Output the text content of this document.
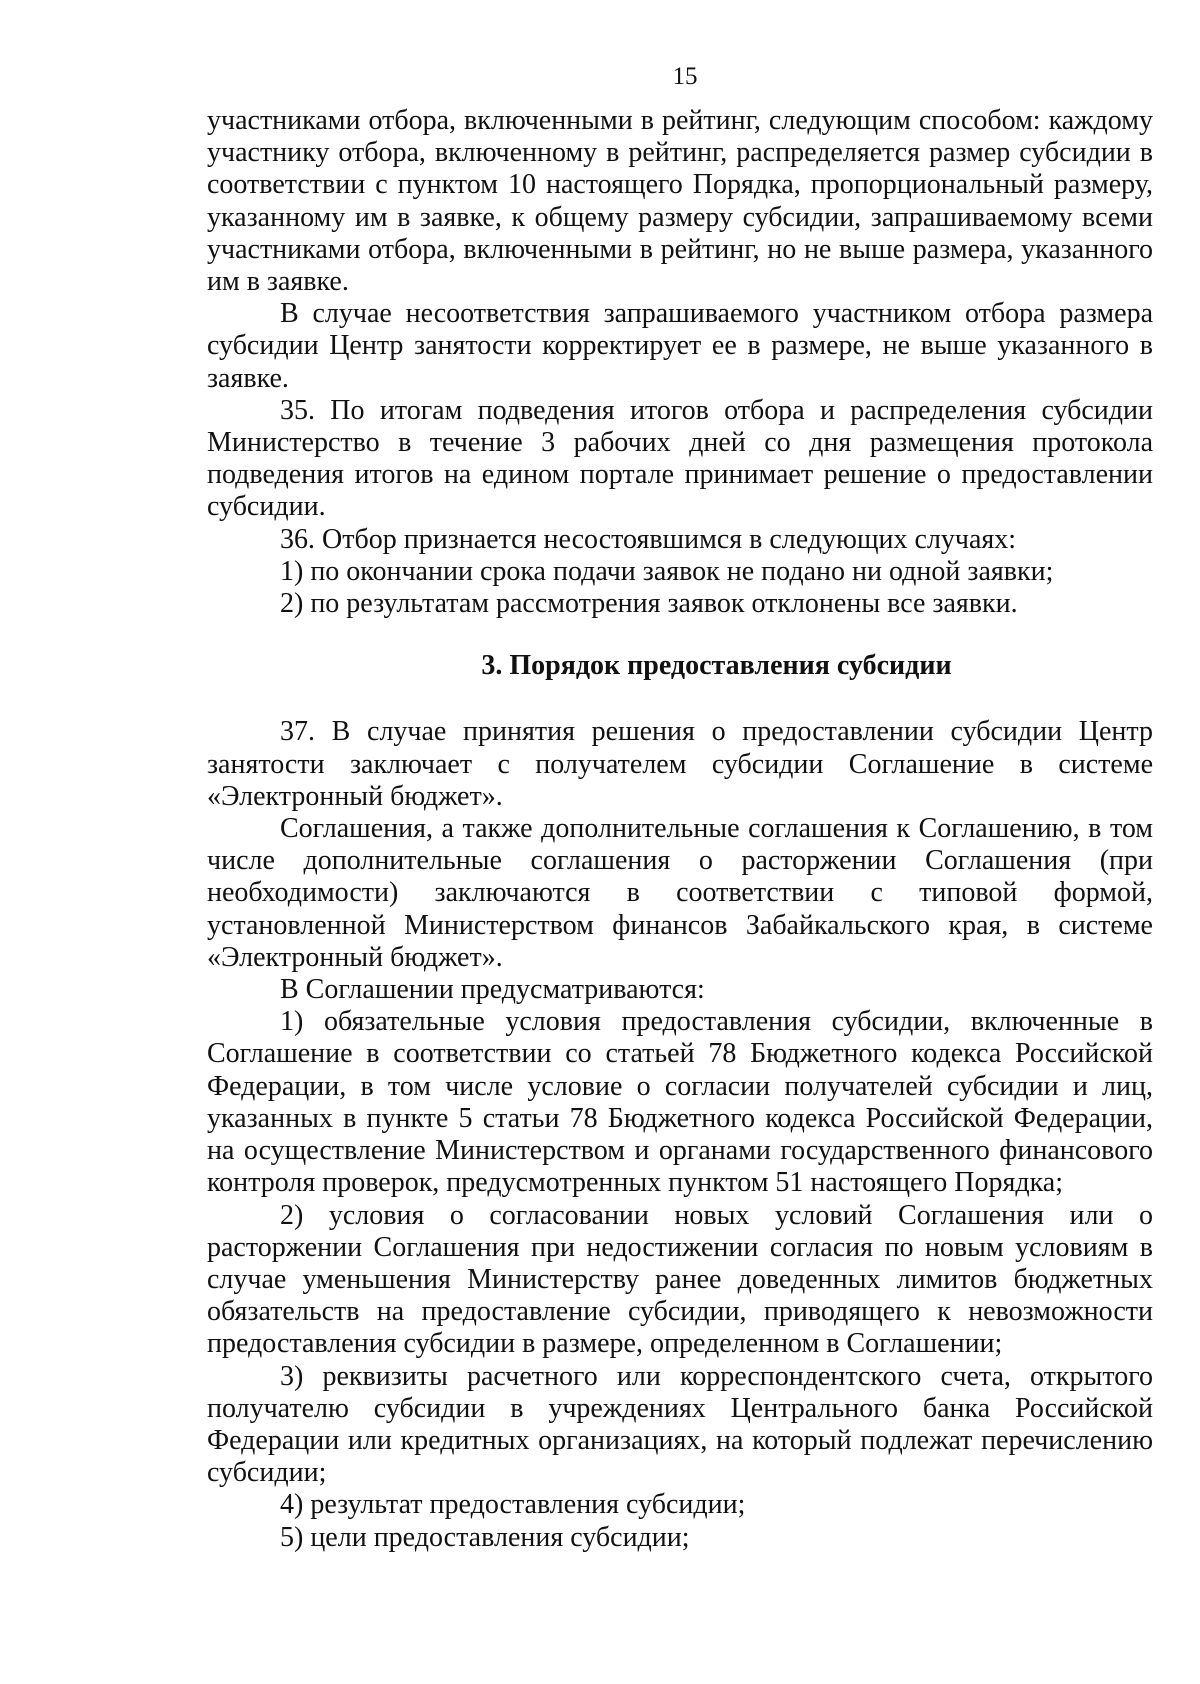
15

участниками отбора, включенными в рейтинг, следующим способом: каждому участнику отбора, включенному в рейтинг, распределяется размер субсидии в соответствии с пунктом 10 настоящего Порядка, пропорциональный размеру, указанному им в заявке, к общему размеру субсидии, запрашиваемому всеми участниками отбора, включенными в рейтинг, но не выше размера, указанного им в заявке.

В случае несоответствия запрашиваемого участником отбора размера субсидии Центр занятости корректирует ее в размере, не выше указанного в заявке.

35. По итогам подведения итогов отбора и распределения субсидии Министерство в течение 3 рабочих дней со дня размещения протокола подведения итогов на едином портале принимает решение о предоставлении субсидии.

36. Отбор признается несостоявшимся в следующих случаях:

1) по окончании срока подачи заявок не подано ни одной заявки;

2) по результатам рассмотрения заявок отклонены все заявки.

3. Порядок предоставления субсидии

37. В случае принятия решения о предоставлении субсидии Центр занятости заключает с получателем субсидии Соглашение в системе «Электронный бюджет».

Соглашения, а также дополнительные соглашения к Соглашению, в том числе дополнительные соглашения о расторжении Соглашения (при необходимости) заключаются в соответствии с типовой формой, установленной Министерством финансов Забайкальского края, в системе «Электронный бюджет».

В Соглашении предусматриваются:

1) обязательные условия предоставления субсидии, включенные в Соглашение в соответствии со статьей 78 Бюджетного кодекса Российской Федерации, в том числе условие о согласии получателей субсидии и лиц, указанных в пункте 5 статьи 78 Бюджетного кодекса Российской Федерации, на осуществление Министерством и органами государственного финансового контроля проверок, предусмотренных пунктом 51 настоящего Порядка;

2) условия о согласовании новых условий Соглашения или о расторжении Соглашения при недостижении согласия по новым условиям в случае уменьшения Министерству ранее доведенных лимитов бюджетных обязательств на предоставление субсидии, приводящего к невозможности предоставления субсидии в размере, определенном в Соглашении;

3) реквизиты расчетного или корреспондентского счета, открытого получателю субсидии в учреждениях Центрального банка Российской Федерации или кредитных организациях, на который подлежат перечислению субсидии;

4) результат предоставления субсидии;

5) цели предоставления субсидии;
